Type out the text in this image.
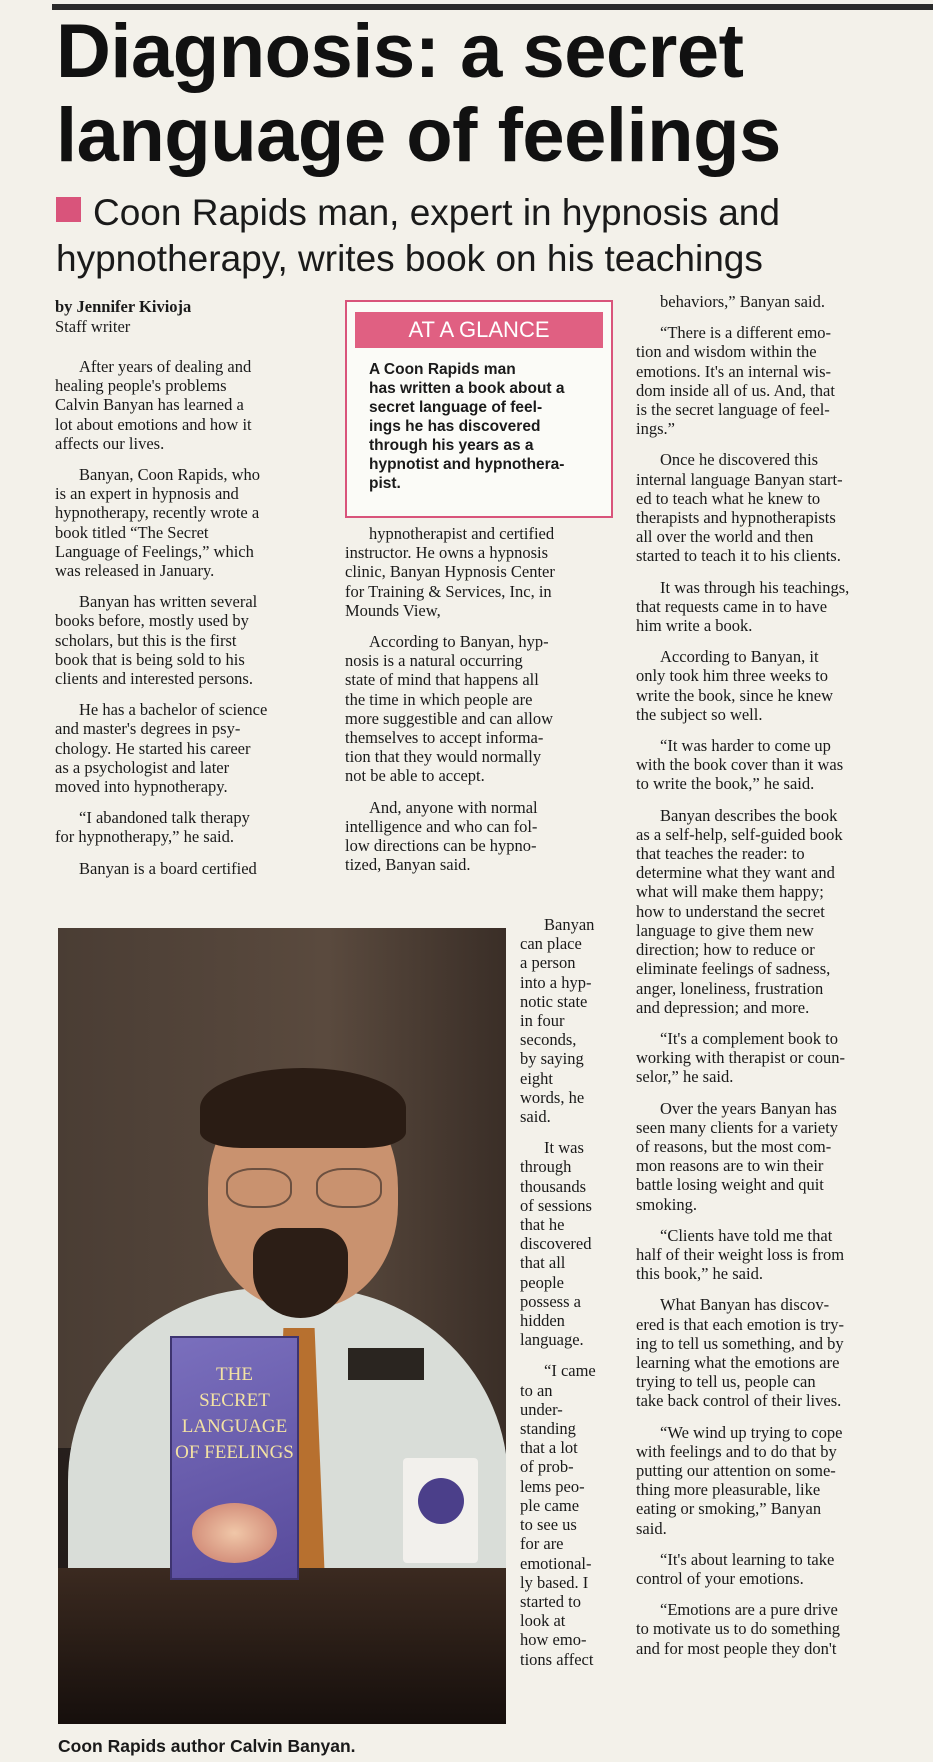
Diagnosis: a secret
language of feelings

Coon Rapids man, expert in hypnosis and

hypnotherapy, writes book on his teachings

by Jennifer Kivioja
Staff writer

After years of dealing and
healing people's problems
Calvin Banyan has learned a
lot about emotions and how it
affects our lives.

Banyan, Coon Rapids, who
is an expert in hypnosis and
hypnotherapy, recently wrote a
book titled “The Secret
Language of Feelings,” which
was released in January.

Banyan has written several
books before, mostly used by
scholars, but this is the first
book that is being sold to his
clients and interested persons.

He has a bachelor of science
and master's degrees in psy-
chology. He started his career
as a psychologist and later
moved into hypnotherapy.

“I abandoned talk therapy
for hypnotherapy,” he said.

Banyan is a board certified

AT A GLANCE
A Coon Rapids man
has written a book about a
secret language of feel-
ings he has discovered
through his years as a
hypnotist and hypnothera-
pist.

hypnotherapist and certified
instructor. He owns a hypnosis
clinic, Banyan Hypnosis Center
for Training & Services, Inc, in
Mounds View,

According to Banyan, hyp-
nosis is a natural occurring
state of mind that happens all
the time in which people are
more suggestible and can allow
themselves to accept informa-
tion that they would normally
not be able to accept.

And, anyone with normal
intelligence and who can fol-
low directions can be hypno-
tized, Banyan said.

THE
SECRET
LANGUAGE
OF FEELINGS

Banyan
can place
a person
into a hyp-
notic state
in four
seconds,
by saying
eight
words, he
said.

It was
through
thousands
of sessions
that he
discovered
that all
people
possess a
hidden
language.

“I came
to an
under-
standing
that a lot
of prob-
lems peo-
ple came
to see us
for are
emotional-
ly based. I
started to
look at
how emo-
tions affect

Coon Rapids author Calvin Banyan.

behaviors,” Banyan said.

“There is a different emo-
tion and wisdom within the
emotions. It's an internal wis-
dom inside all of us. And, that
is the secret language of feel-
ings.”

Once he discovered this
internal language Banyan start-
ed to teach what he knew to
therapists and hypnotherapists
all over the world and then
started to teach it to his clients.

It was through his teachings,
that requests came in to have
him write a book.

According to Banyan, it
only took him three weeks to
write the book, since he knew
the subject so well.

“It was harder to come up
with the book cover than it was
to write the book,” he said.

Banyan describes the book
as a self-help, self-guided book
that teaches the reader: to
determine what they want and
what will make them happy;
how to understand the secret
language to give them new
direction; how to reduce or
eliminate feelings of sadness,
anger, loneliness, frustration
and depression; and more.

“It's a complement book to
working with therapist or coun-
selor,” he said.

Over the years Banyan has
seen many clients for a variety
of reasons, but the most com-
mon reasons are to win their
battle losing weight and quit
smoking.

“Clients have told me that
half of their weight loss is from
this book,” he said.

What Banyan has discov-
ered is that each emotion is try-
ing to tell us something, and by
learning what the emotions are
trying to tell us, people can
take back control of their lives.

“We wind up trying to cope
with feelings and to do that by
putting our attention on some-
thing more pleasurable, like
eating or smoking,” Banyan
said.

“It's about learning to take
control of your emotions.

“Emotions are a pure drive
to motivate us to do something
and for most people they don't
